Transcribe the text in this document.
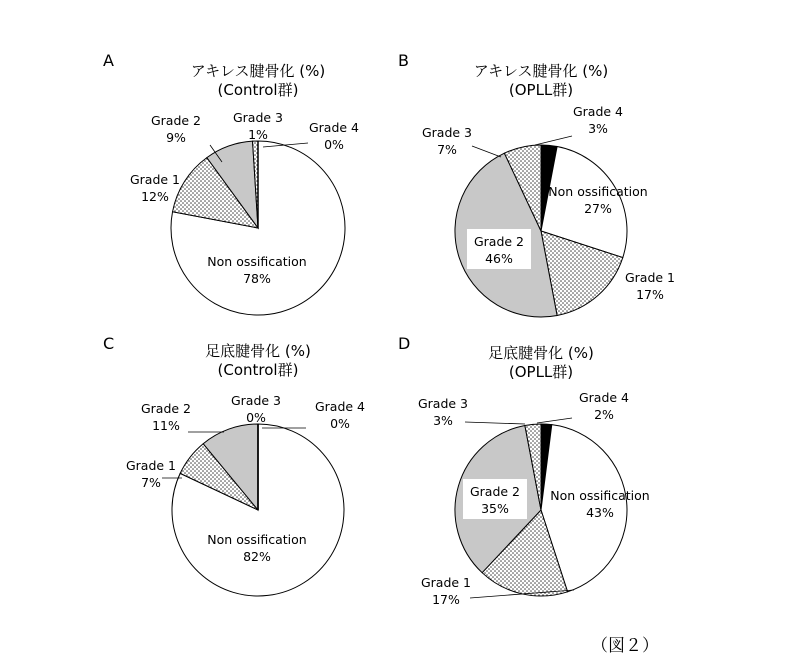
A
アキレス腱骨化 (%)
(Control群)
Non ossification
78%
Grade 1
12%
Grade 2
9%
Grade 3
1%	Grade 4
0%
B
アキレス腱骨化 (%)
(OPLL群)
Non ossification
27%
Grade 1
17%
Grade 2
46%
Grade 3
7%
Grade 4
3%
C	足底腱骨化 (%)
(Control群)
Non ossification
82%
Grade 1
7%
Grade 2
11%
Grade 3
0%
Grade 4
0%
D	足底腱骨化 (%)
(OPLL群)
Non ossification
43%
Grade 1
17%
Grade 2
35%
Grade 3
3%
Grade 4
2%
（図２）
